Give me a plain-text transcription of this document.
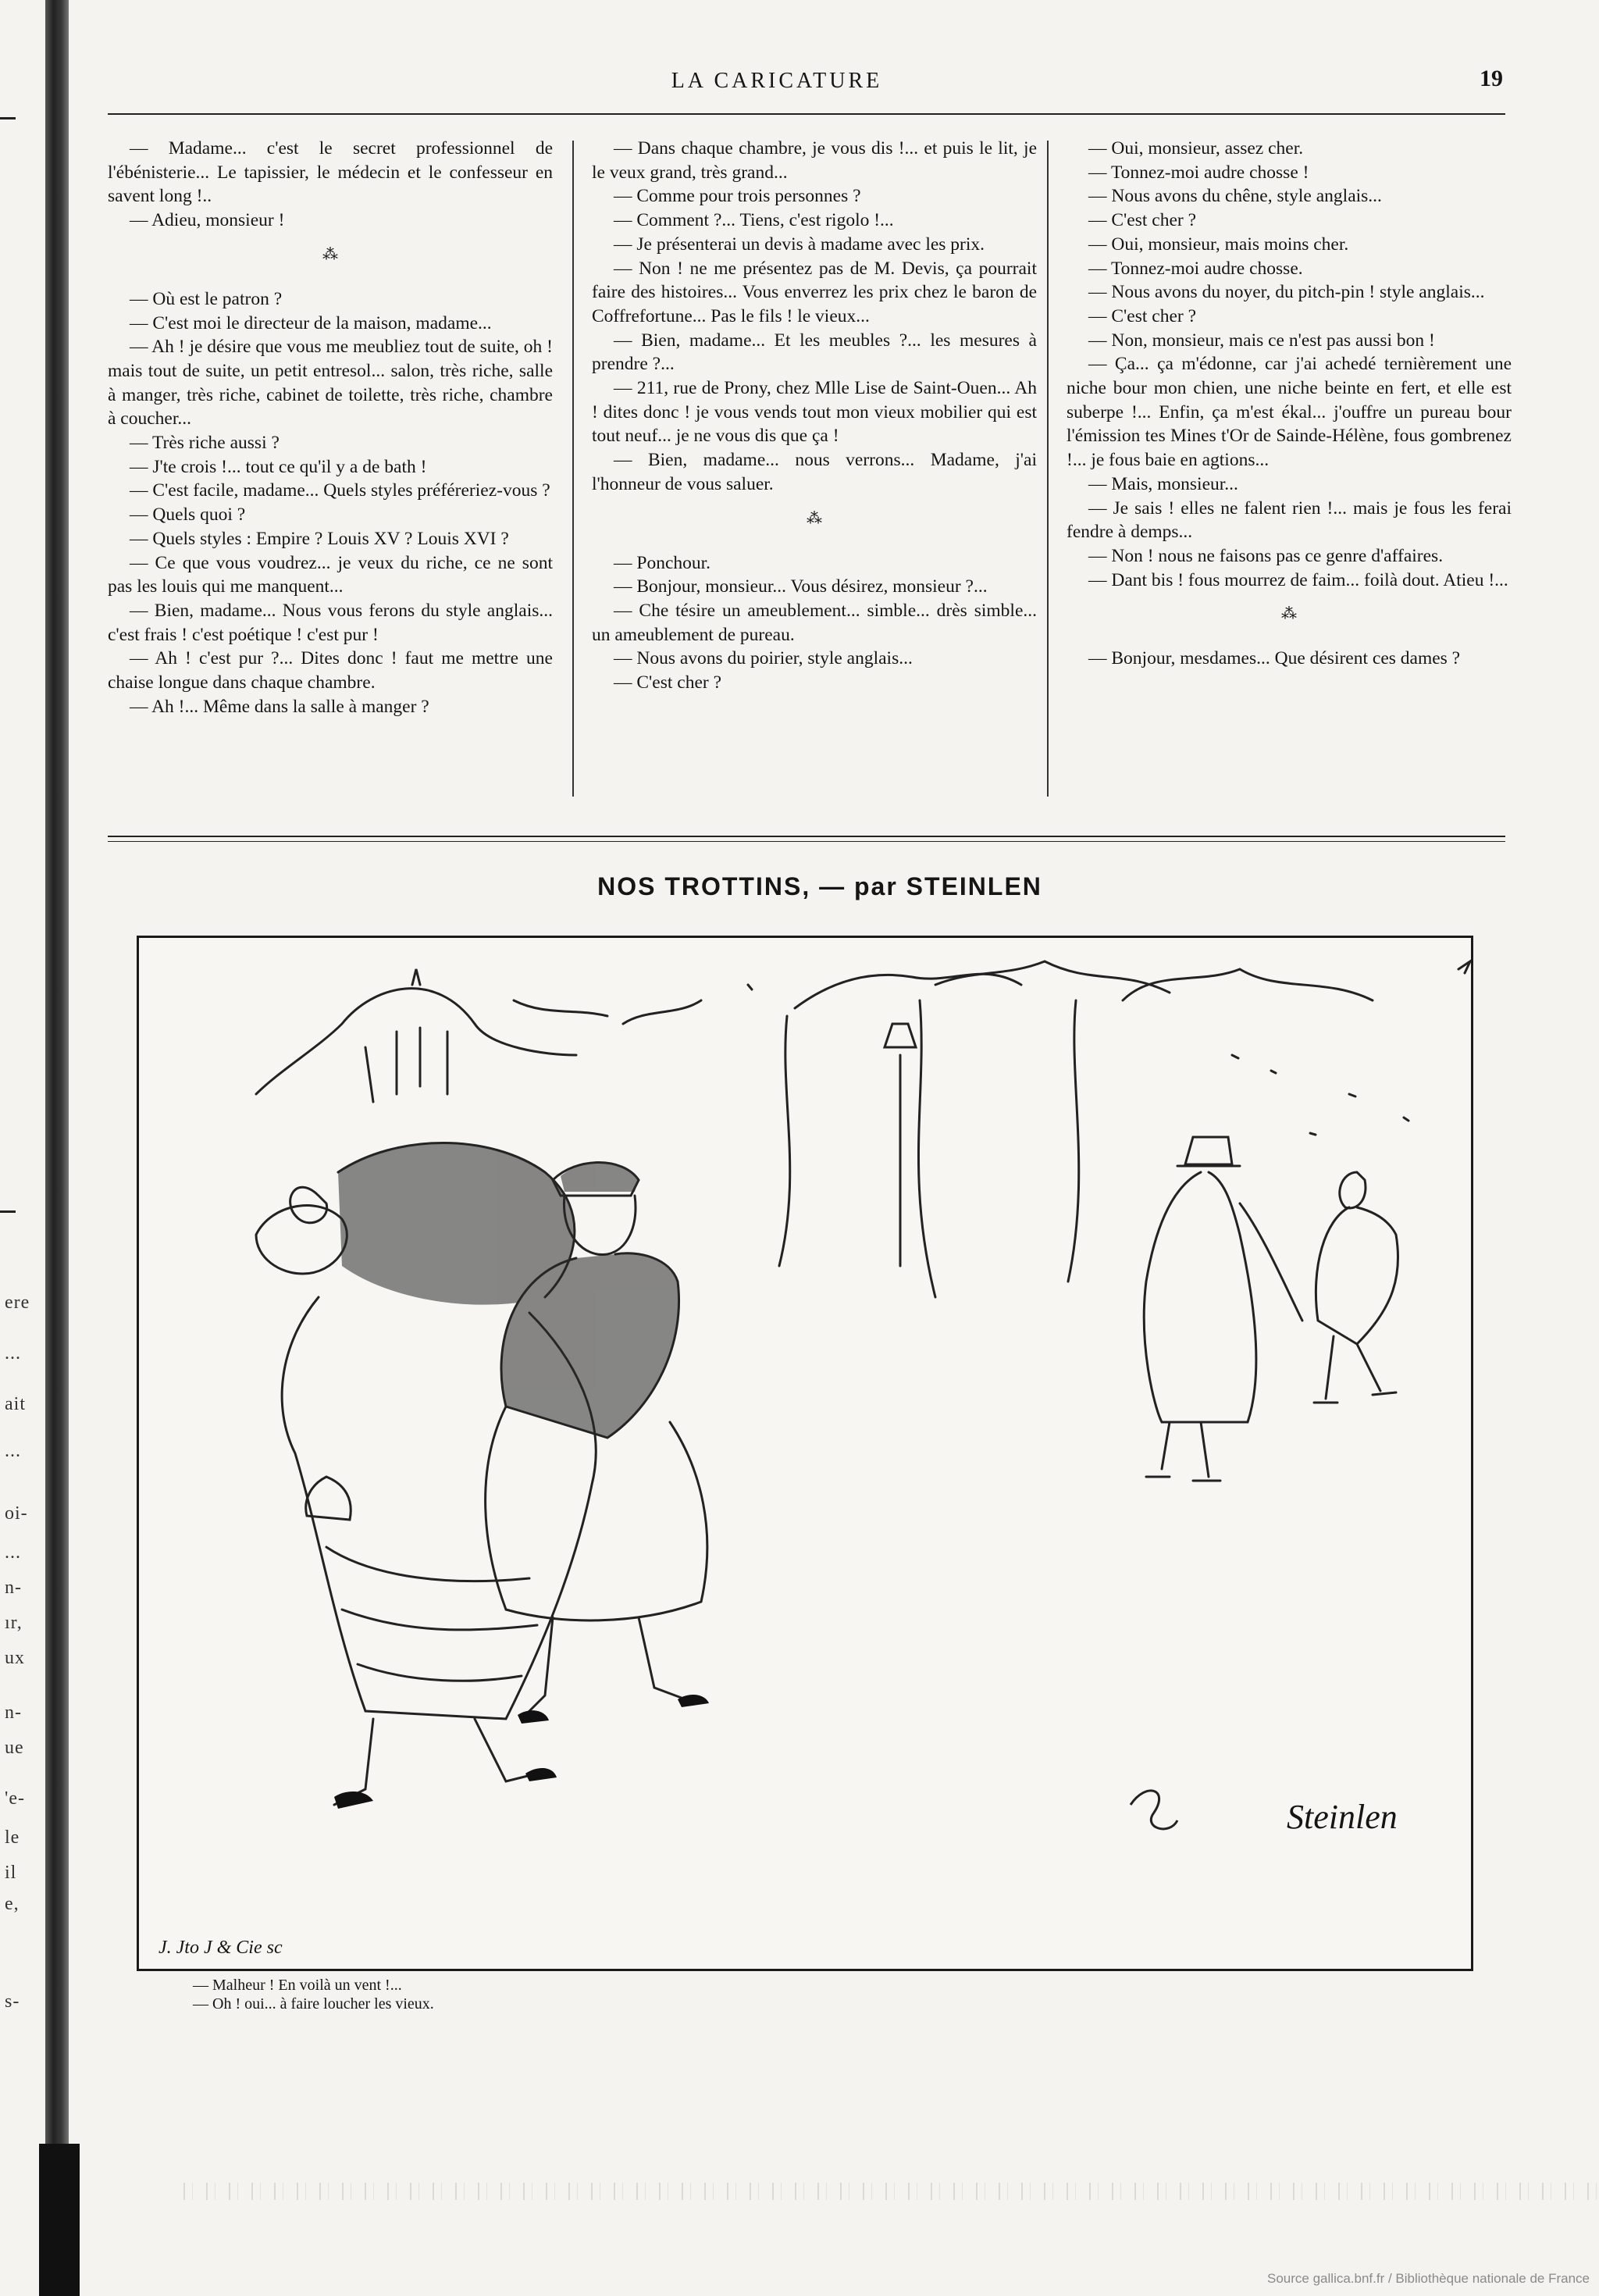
ere
...
ait
...
oi-
...
n-
ır,
ux
n-
ue
'e-
le
il
e,
s-
LA CARICATURE	19

— Madame... c'est le secret professionnel de l'ébénisterie... Le tapissier, le médecin et le confesseur en savent long !..

— Adieu, monsieur !

⁂

— Où est le patron ?

— C'est moi le directeur de la maison, madame...

— Ah ! je désire que vous me meubliez tout de suite, oh ! mais tout de suite, un petit entresol... salon, très riche, salle à manger, très riche, cabinet de toilette, très riche, chambre à coucher...

— Très riche aussi ?

— J'te crois !... tout ce qu'il y a de bath !

— C'est facile, madame... Quels styles préféreriez-vous ?

— Quels quoi ?

— Quels styles : Empire ? Louis XV ? Louis XVI ?

— Ce que vous voudrez... je veux du riche, ce ne sont pas les louis qui me manquent...

— Bien, madame... Nous vous ferons du style anglais... c'est frais ! c'est poétique ! c'est pur !

— Ah ! c'est pur ?... Dites donc ! faut me mettre une chaise longue dans chaque chambre.

— Ah !... Même dans la salle à manger ?

— Dans chaque chambre, je vous dis !... et puis le lit, je le veux grand, très grand...

— Comme pour trois personnes ?

— Comment ?... Tiens, c'est rigolo !...

— Je présenterai un devis à madame avec les prix.

— Non ! ne me présentez pas de M. Devis, ça pourrait faire des histoires... Vous enverrez les prix chez le baron de Coffrefortune... Pas le fils ! le vieux...

— Bien, madame... Et les meubles ?... les mesures à prendre ?...

— 211, rue de Prony, chez Mlle Lise de Saint-Ouen... Ah ! dites donc ! je vous vends tout mon vieux mobilier qui est tout neuf... je ne vous dis que ça !

— Bien, madame... nous verrons... Madame, j'ai l'honneur de vous saluer.

⁂

— Ponchour.

— Bonjour, monsieur... Vous désirez, monsieur ?...

— Che tésire un ameublement... simble... drès simble... un ameublement de pureau.

— Nous avons du poirier, style anglais...

— C'est cher ?

— Oui, monsieur, assez cher.

— Tonnez-moi audre chosse !

— Nous avons du chêne, style anglais...

— C'est cher ?

— Oui, monsieur, mais moins cher.

— Tonnez-moi audre chosse.

— Nous avons du noyer, du pitch-pin ! style anglais...

— C'est cher ?

— Non, monsieur, mais ce n'est pas aussi bon !

— Ça... ça m'édonne, car j'ai achedé ternièrement une niche bour mon chien, une niche beinte en fert, et elle est suberpe !... Enfin, ça m'est ékal... j'ouffre un pureau bour l'émission tes Mines t'Or de Sainde-Hélène, fous gombrenez !... je fous baie en agtions...

— Mais, monsieur...

— Je sais ! elles ne falent rien !... mais je fous les ferai fendre à demps...

— Non ! nous ne faisons pas ce genre d'affaires.

— Dant bis ! fous mourrez de faim... foilà dout. Atieu !...

⁂

— Bonjour, mesdames... Que désirent ces dames ?

NOS TROTTINS, — par STEINLEN
Steinlen
J. Jto J & Cie sc

— Malheur ! En voilà un vent !...

— Oh ! oui... à faire loucher les vieux.

Source gallica.bnf.fr / Bibliothèque nationale de France
